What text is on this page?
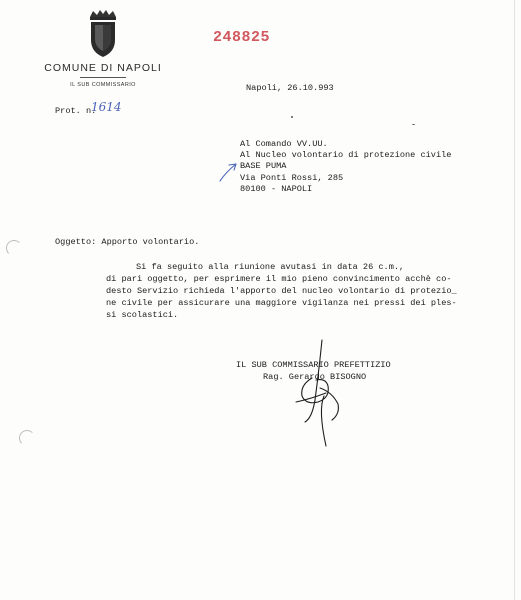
COMUNE DI NAPOLI
IL SUB COMMISSARIO
248825
Napoli, 26.10.993
Prot. n.
1614
Al Comando VV.UU.
Al Nucleo volontario di protezione civile
BASE PUMA
Via Ponti Rossi, 285
80100 - NAPOLI
Oggetto: Apporto volontario.
Si fa seguito alla riunione avutasi in data 26 c.m.,
di pari oggetto, per esprimere il mio pieno convincimento acchè co-
desto Servizio richieda l'apporto del nucleo volontario di protezio_
ne civile per assicurare una maggiore vigilanza nei pressi dei ples-
si scolastici.
IL SUB COMMISSARIO PREFETTIZIO
Rag. Gerardo BISOGNO
